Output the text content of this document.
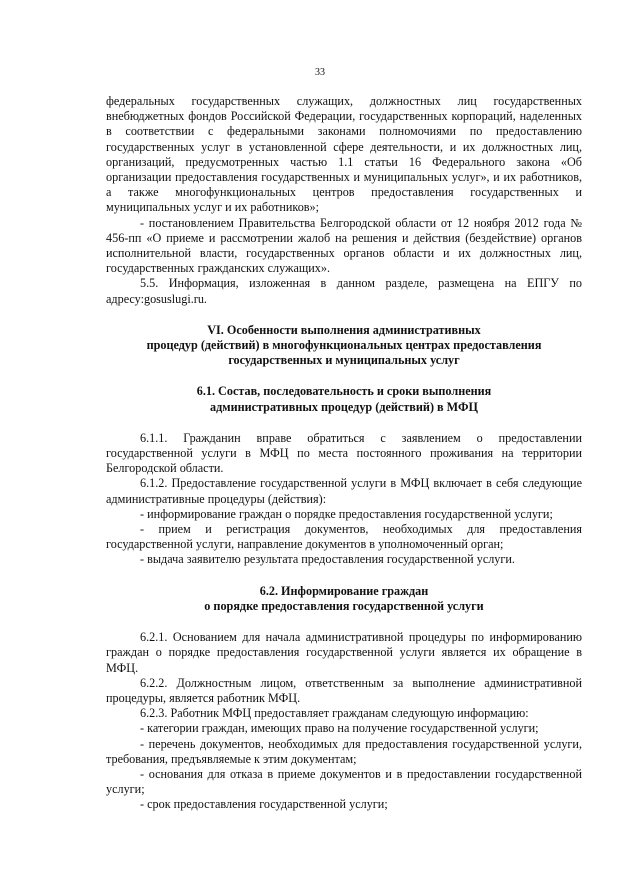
33

федеральных государственных служащих, должностных лиц государственных внебюджетных фондов Российской Федерации, государственных корпораций, наделенных в соответствии с федеральными законами полномочиями по предоставлению государственных услуг в установленной сфере деятельности, и их должностных лиц, организаций, предусмотренных частью 1.1 статьи 16 Федерального закона «Об организации предоставления государственных и муниципальных услуг», и их работников, а также многофункциональных центров предоставления государственных и муниципальных услуг и их работников»;

- постановлением Правительства Белгородской области от 12 ноября 2012 года № 456-пп «О приеме и рассмотрении жалоб на решения и действия (бездействие) органов исполнительной власти, государственных органов области и их должностных лиц, государственных гражданских служащих».

5.5. Информация, изложенная в данном разделе, размещена на ЕПГУ по адресу:gosuslugi.ru.

VI. Особенности выполнения административных
процедур (действий) в многофункциональных центрах предоставления
государственных и муниципальных услуг
6.1. Состав, последовательность и сроки выполнения
административных процедур (действий) в МФЦ

6.1.1. Гражданин вправе обратиться с заявлением о предоставлении государственной услуги в МФЦ по места постоянного проживания на территории Белгородской области.

6.1.2. Предоставление государственной услуги в МФЦ включает в себя следующие административные процедуры (действия):

- информирование граждан о порядке предоставления государственной услуги;

- прием и регистрация документов, необходимых для предоставления государственной услуги, направление документов в уполномоченный орган;

- выдача заявителю результата предоставления государственной услуги.

6.2. Информирование граждан
о порядке предоставления государственной услуги

6.2.1. Основанием для начала административной процедуры по информированию граждан о порядке предоставления государственной услуги является их обращение в МФЦ.

6.2.2. Должностным лицом, ответственным за выполнение административной процедуры, является работник МФЦ.

6.2.3. Работник МФЦ предоставляет гражданам следующую информацию:

- категории граждан, имеющих право на получение государственной услуги;

- перечень документов, необходимых для предоставления государственной услуги, требования, предъявляемые к этим документам;

- основания для отказа в приеме документов и в предоставлении государственной услуги;

- срок предоставления государственной услуги;
